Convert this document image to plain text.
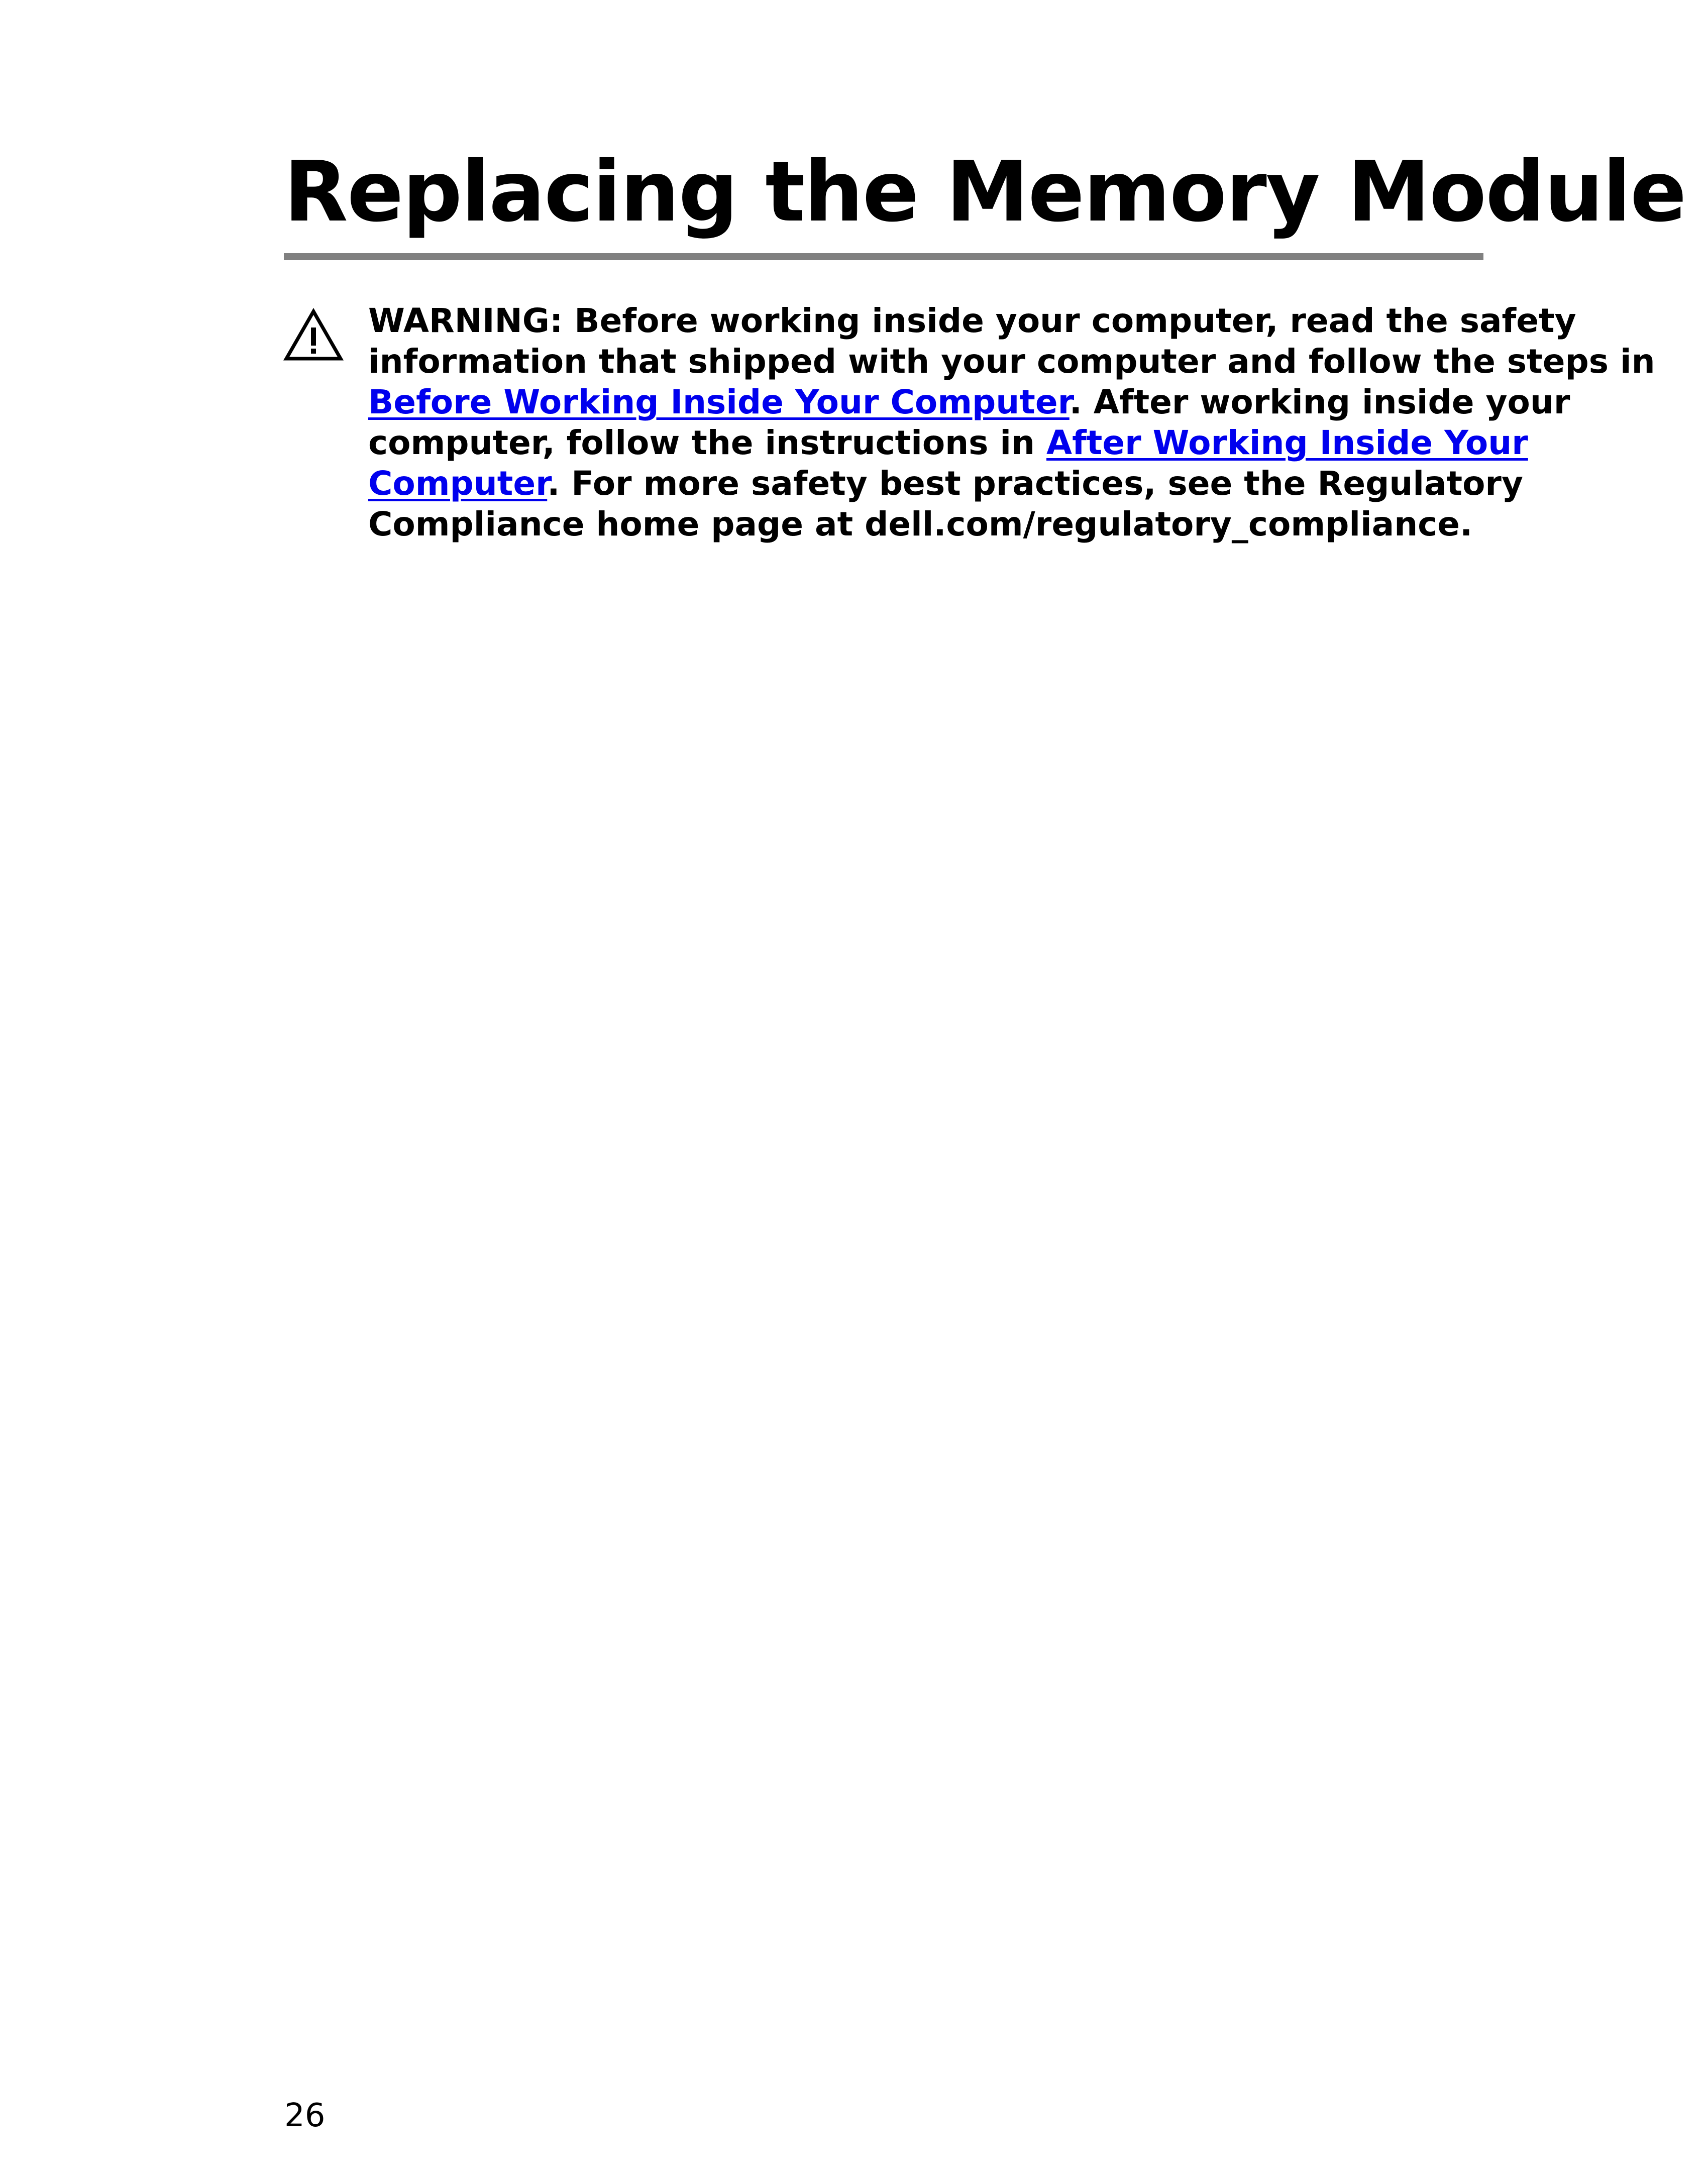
Replacing the Memory Module

WARNING: Before working inside your computer, read the safety
information that shipped with your computer and follow the steps in
Before Working Inside Your Computer. After working inside your
computer, follow the instructions in After Working Inside Your
Computer. For more safety best practices, see the Regulatory
Compliance home page at dell.com/regulatory_compliance.

26
